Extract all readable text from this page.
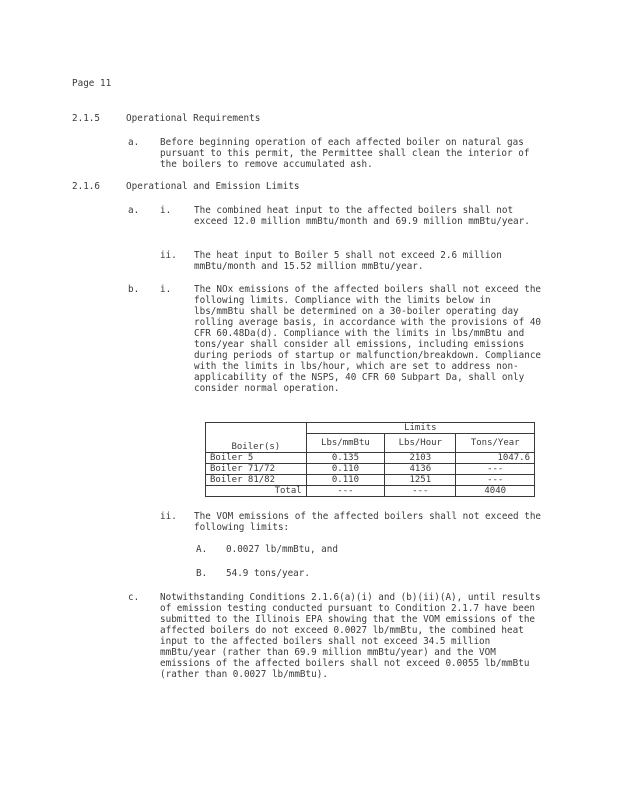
Page 11
2.1.5	Operational Requirements
a. Before beginning operation of each affected boiler on natural gas pursuant to this permit, the Permittee shall clean the interior of the boilers to remove accumulated ash.
2.1.6	Operational and Emission Limits
a. i. The combined heat input to the affected boilers shall not exceed 12.0 million mmBtu/month and 69.9 million mmBtu/year.
ii. The heat input to Boiler 5 shall not exceed 2.6 million mmBtu/month and 15.52 million mmBtu/year.
b. i. The NOx emissions of the affected boilers shall not exceed the following limits. Compliance with the limits below in lbs/mmBtu shall be determined on a 30-boiler operating day rolling average basis, in accordance with the provisions of 40 CFR 60.48Da(d). Compliance with the limits in lbs/mmBtu and tons/year shall consider all emissions, including emissions during periods of startup or malfunction/breakdown. Compliance with the limits in lbs/hour, which are set to address non-applicability of the NSPS, 40 CFR 60 Subpart Da, shall only consider normal operation.
Boiler(s)	Limits		
	Lbs/mmBtu	Lbs/Hour	Tons/Year
Boiler 5	0.135	2103	1047.6
Boiler 71/72	0.110	4136	---
Boiler 81/82	0.110	1251	---
Total	---	---	4040
ii. The VOM emissions of the affected boilers shall not exceed the following limits:
A. 0.0027 lb/mmBtu, and
B. 54.9 tons/year.
c. Notwithstanding Conditions 2.1.6(a)(i) and (b)(ii)(A), until results of emission testing conducted pursuant to Condition 2.1.7 have been submitted to the Illinois EPA showing that the VOM emissions of the affected boilers do not exceed 0.0027 lb/mmBtu, the combined heat input to the affected boilers shall not exceed 34.5 million mmBtu/year (rather than 69.9 million mmBtu/year) and the VOM emissions of the affected boilers shall not exceed 0.0055 lb/mmBtu (rather than 0.0027 lb/mmBtu).
